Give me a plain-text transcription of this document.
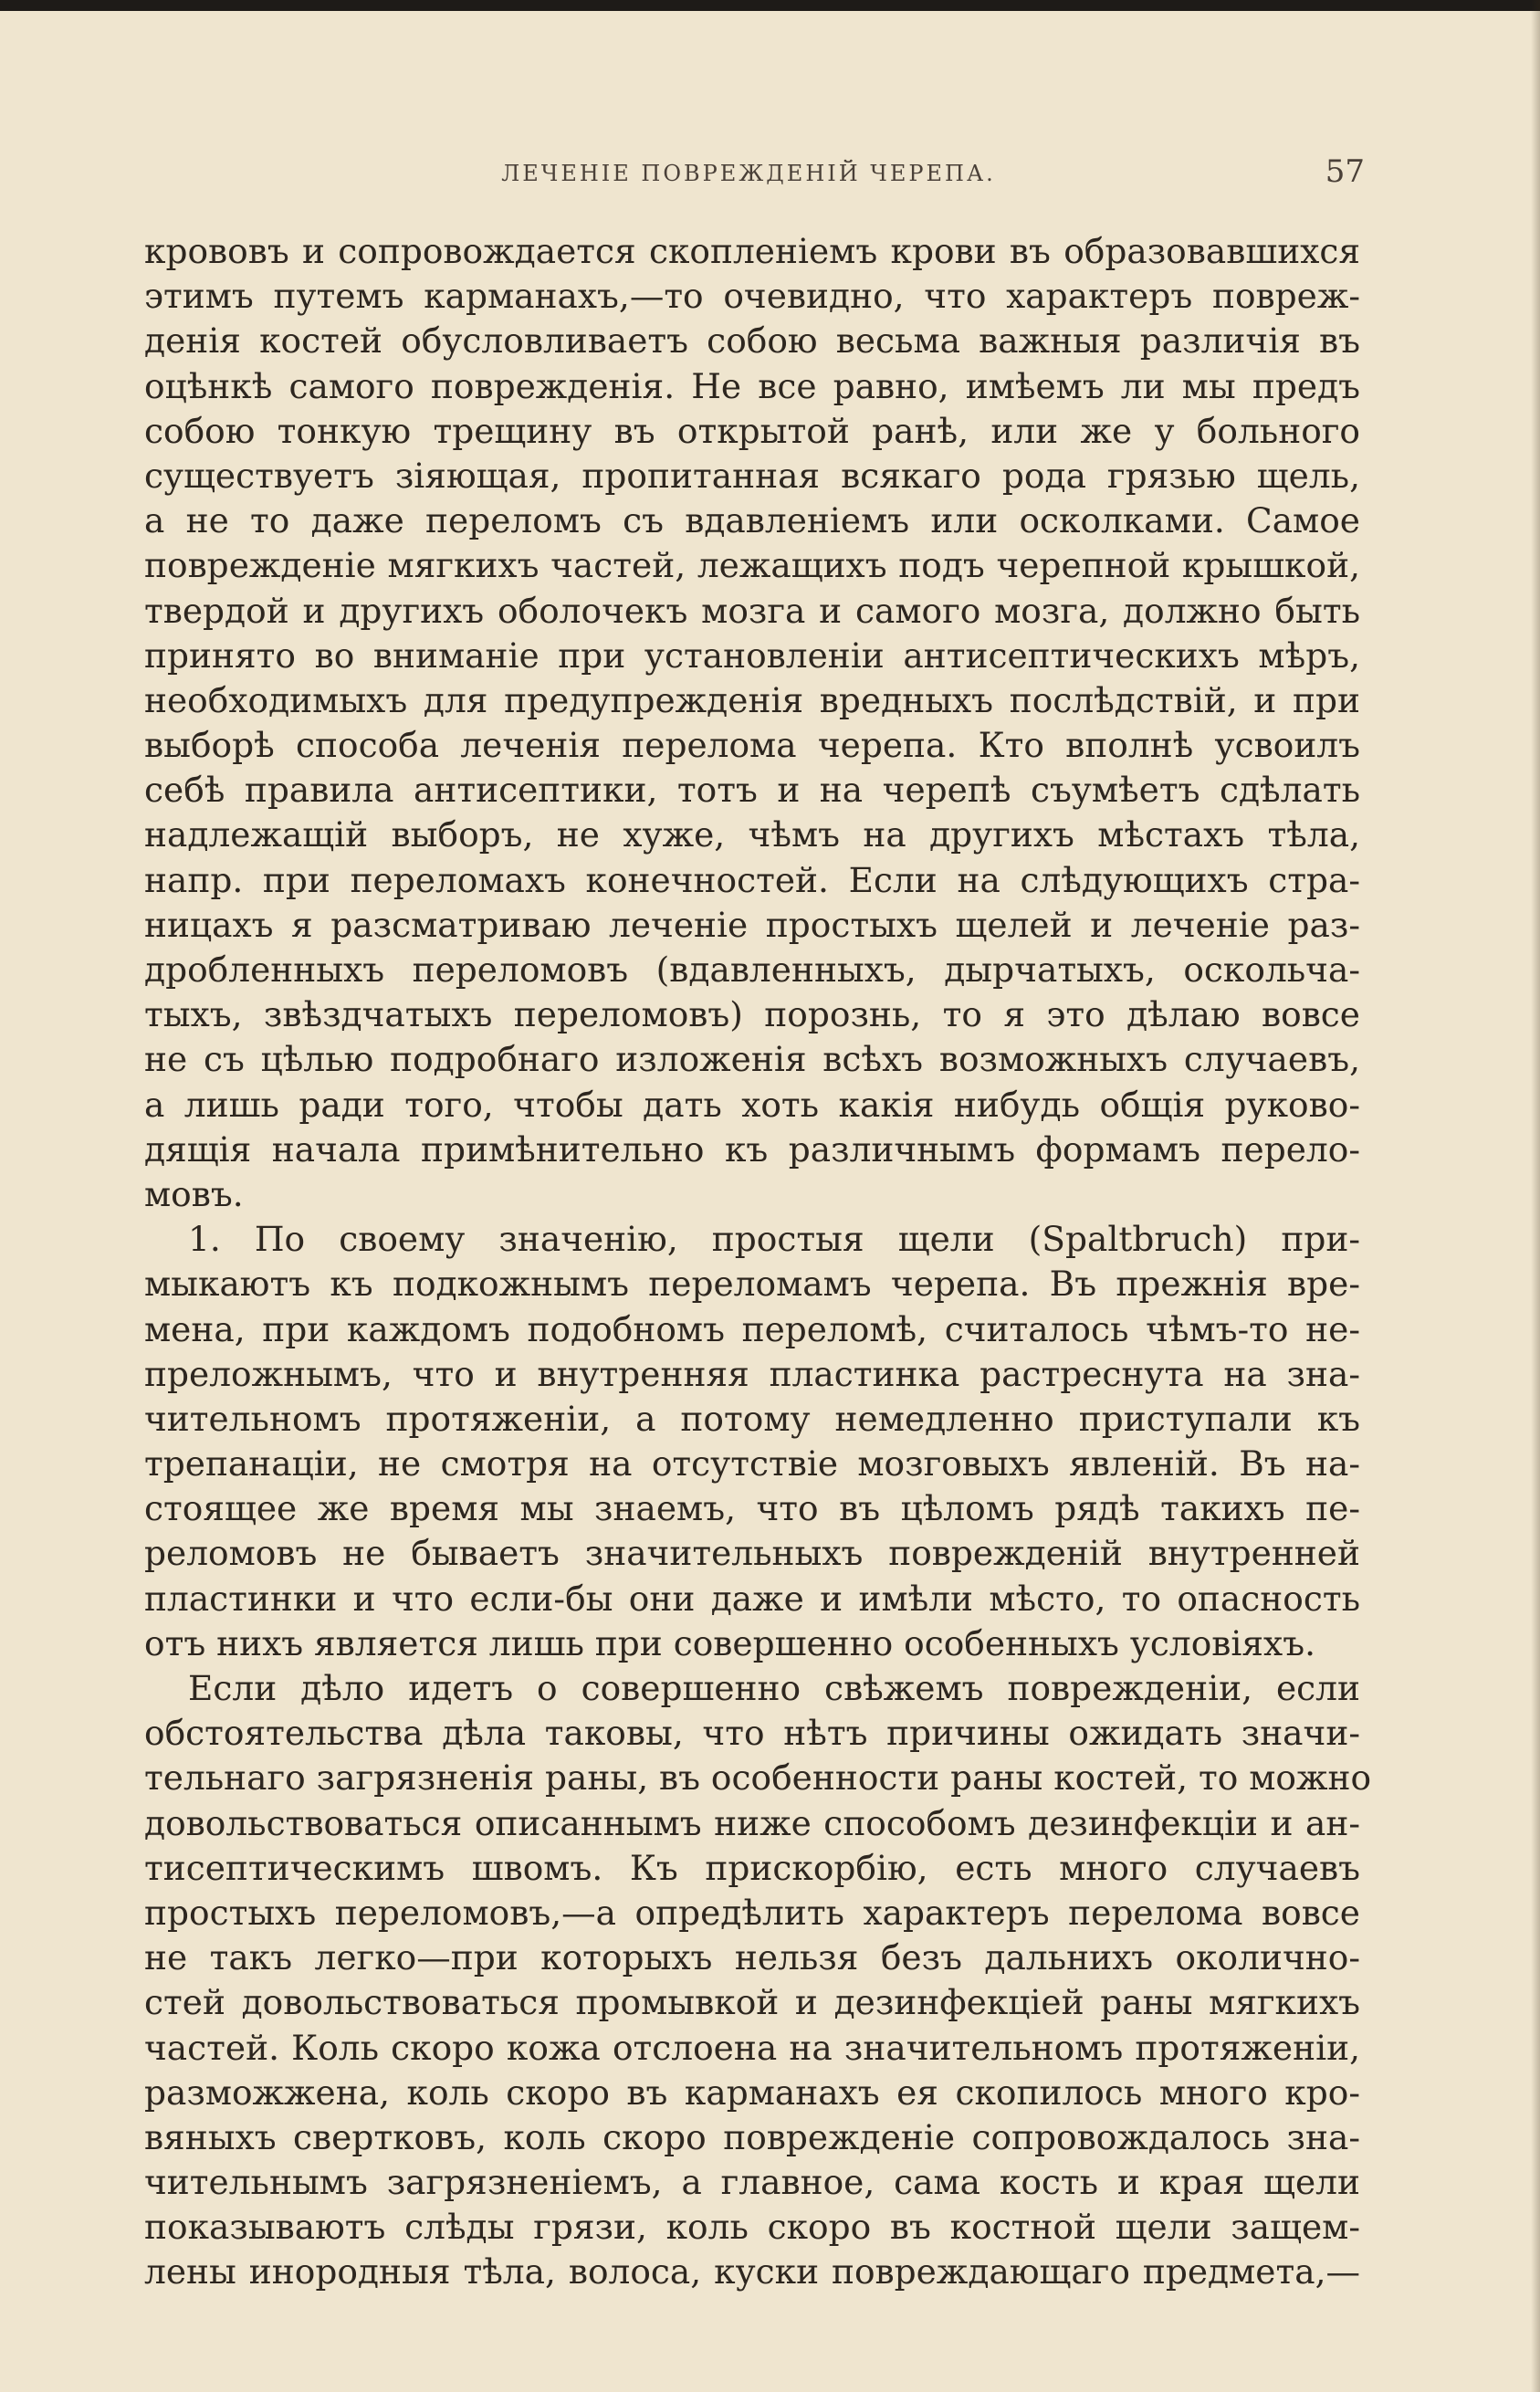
ЛЕЧЕНІЕ ПОВРЕЖДЕНІЙ ЧЕРЕПА.	57
крововъ и сопровождается скопленіемъ крови въ образовавшихся
этимъ путемъ карманахъ,—то очевидно, что характеръ повреж-
денія костей обусловливаетъ собою весьма важныя различія въ
оцѣнкѣ самого поврежденія. Не все равно, имѣемъ ли мы предъ
собою тонкую трещину въ открытой ранѣ, или же у больного
существуетъ зіяющая, пропитанная всякаго рода грязью щель,
а не то даже переломъ съ вдавленіемъ или осколками. Самое
поврежденіе мягкихъ частей, лежащихъ подъ черепной крышкой,
твердой и другихъ оболочекъ мозга и самого мозга, должно быть
принято во вниманіе при установленіи антисептическихъ мѣръ,
необходимыхъ для предупрежденія вредныхъ послѣдствій, и при
выборѣ способа леченія перелома черепа. Кто вполнѣ усвоилъ
себѣ правила антисептики, тотъ и на черепѣ съумѣетъ сдѣлать
надлежащій выборъ, не хуже, чѣмъ на другихъ мѣстахъ тѣла,
напр. при переломахъ конечностей. Если на слѣдующихъ стра-
ницахъ я разсматриваю леченіе простыхъ щелей и леченіе раз-
дробленныхъ переломовъ (вдавленныхъ, дырчатыхъ, оскольча-
тыхъ, звѣздчатыхъ переломовъ) порознь, то я это дѣлаю вовсе
не съ цѣлью подробнаго изложенія всѣхъ возможныхъ случаевъ,
а лишь ради того, чтобы дать хоть какія нибудь общія руково-
дящія начала примѣнительно къ различнымъ формамъ перело-
мовъ.
1. По своему значенію, простыя щели (Spaltbruch) при-
мыкаютъ къ подкожнымъ переломамъ черепа. Въ прежнія вре-
мена, при каждомъ подобномъ переломѣ, считалось чѣмъ-то не-
преложнымъ, что и внутренняя пластинка растреснута на зна-
чительномъ протяженіи, а потому немедленно приступали къ
трепанаціи, не смотря на отсутствіе мозговыхъ явленій. Въ на-
стоящее же время мы знаемъ, что въ цѣломъ рядѣ такихъ пе-
реломовъ не бываетъ значительныхъ поврежденій внутренней
пластинки и что если-бы они даже и имѣли мѣсто, то опасность
отъ нихъ является лишь при совершенно особенныхъ условіяхъ.
Если дѣло идетъ о совершенно свѣжемъ поврежденіи, если
обстоятельства дѣла таковы, что нѣтъ причины ожидать значи-
тельнаго загрязненія раны, въ особенности раны костей, то можно
довольствоваться описаннымъ ниже способомъ дезинфекціи и ан-
тисептическимъ швомъ. Къ прискорбію, есть много случаевъ
простыхъ переломовъ,—а опредѣлить характеръ перелома вовсе
не такъ легко—при которыхъ нельзя безъ дальнихъ околично-
стей довольствоваться промывкой и дезинфекціей раны мягкихъ
частей. Коль скоро кожа отслоена на значительномъ протяженіи,
разможжена, коль скоро въ карманахъ ея скопилось много кро-
вяныхъ свертковъ, коль скоро поврежденіе сопровождалось зна-
чительнымъ загрязненіемъ, а главное, сама кость и края щели
показываютъ слѣды грязи, коль скоро въ костной щели защем-
лены инородныя тѣла, волоса, куски повреждающаго предмета,—
